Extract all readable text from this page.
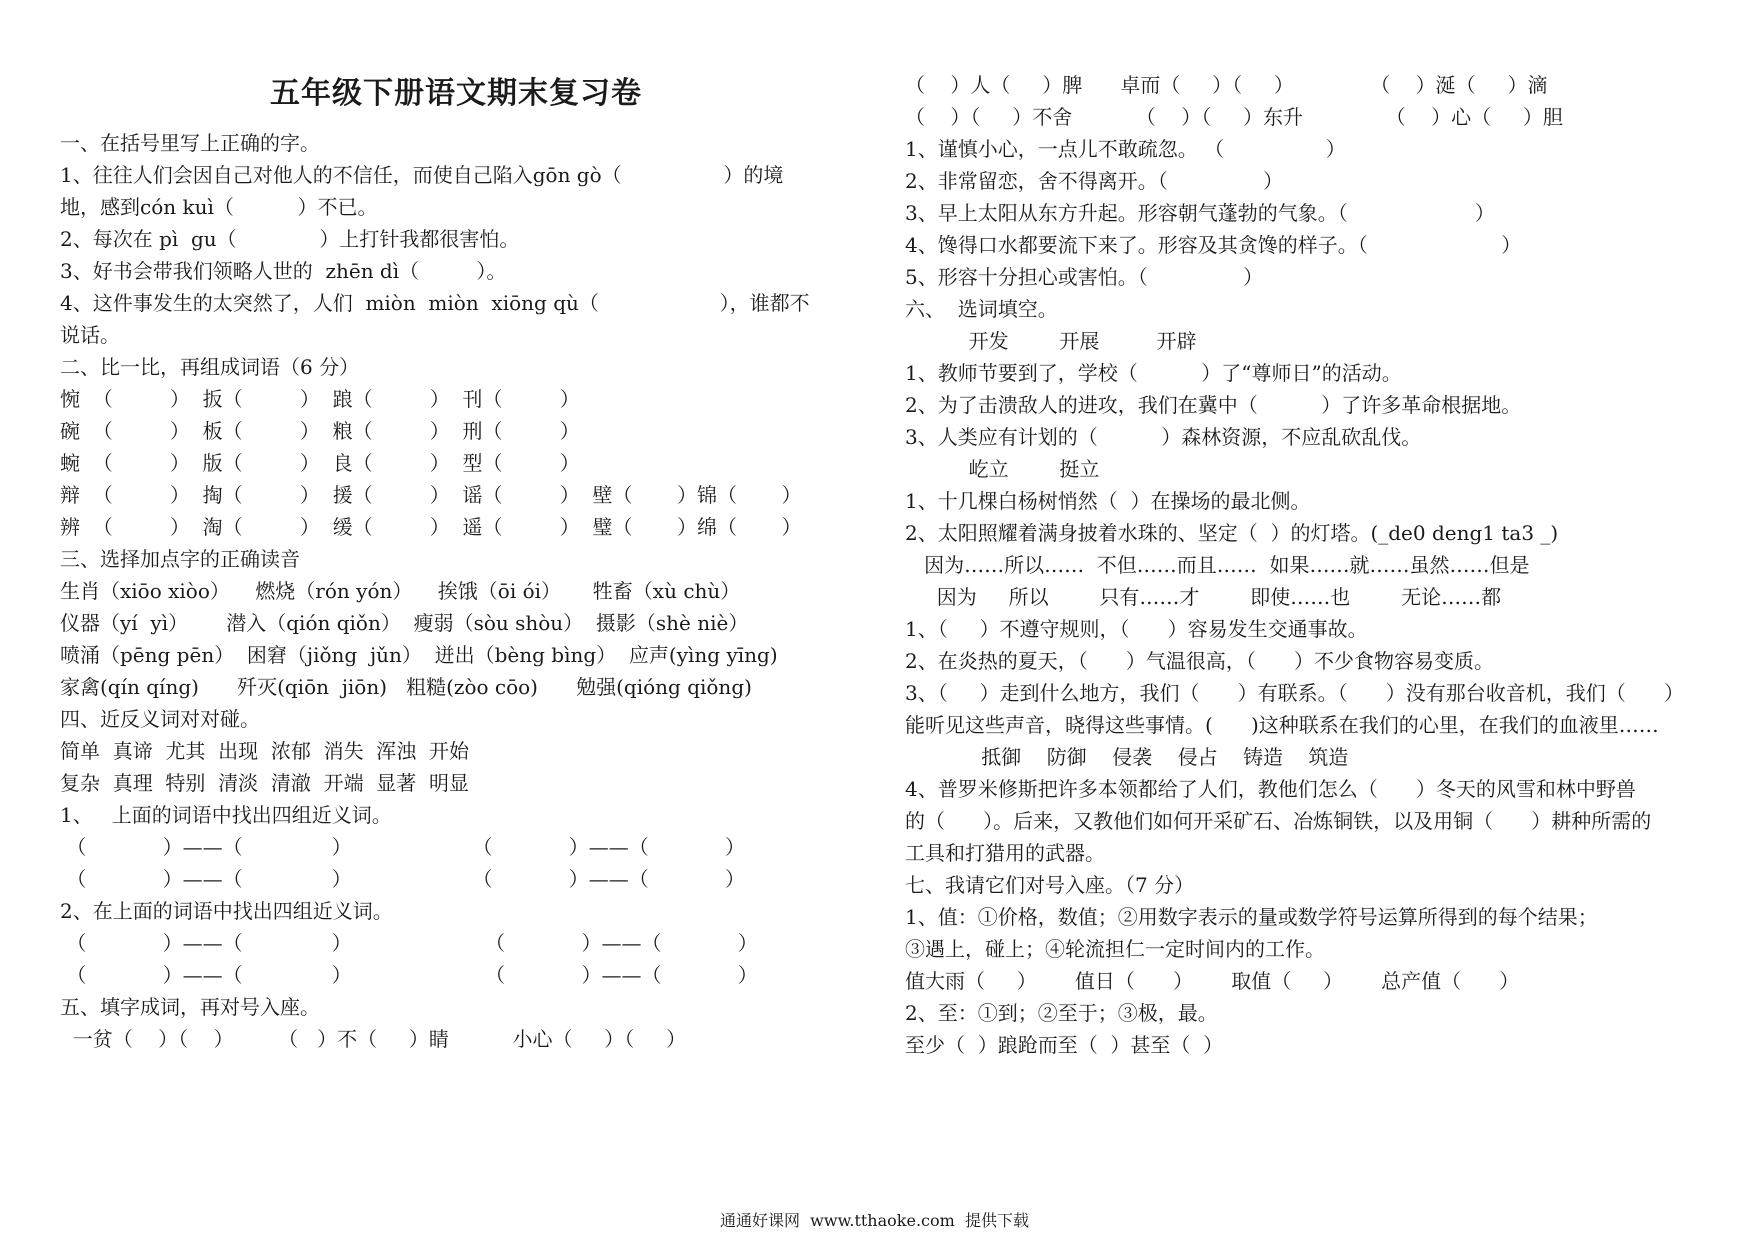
五年级下册语文期末复习卷
一、在括号里写上正确的字。
1、往往人们会因自己对他人的不信任，而使自己陷入gōn gò（                ）的境
地，感到cón kuì（          ）不已。
2、每次在 pì  gu（             ）上打针我都很害怕。
3、好书会带我们领略人世的  zhēn dì（         ）。
4、这件事发生的太突然了，人们  miòn  miòn  xiōng qù（                   ），谁都不
说话。
二、比一比，再组成词语（6 分）
惋  （         ）  扳（         ）  踉（         ）  刊（         ）
碗  （         ）  板（         ）  粮（         ）  刑（         ）
蜿  （         ）  版（         ）  良（         ）  型（         ）
辩  （         ）  掏（         ）  援（         ）  谣（         ）  壁（       ）锦（       ）
辨  （         ）  淘（         ）  缓（         ）  遥（         ）  璧（       ）绵（       ）
三、选择加点字的正确读音
生肖（xiōo xiòo）    燃烧（rón yón）    挨饿（ōi ói）     牲畜（xù chù）
仪器（yí  yì）      潜入（qión qiǒn）  瘦弱（sòu shòu）  摄影（shè niè）
喷涌（pēng pēn）  困窘（jiǒng  jǔn）  迸出（bèng bìng）  应声(yìng yīng)
家禽(qín qíng)      歼灭(qiōn  jiōn)   粗糙(zòo cōo)      勉强(qióng qiǒng)
四、近反义词对对碰。
简单  真谛  尤其  出现  浓郁  消失  浑浊  开始
复杂  真理  特别  清淡  清澈  开端  显著  明显
1、   上面的词语中找出四组近义词。
（            ）——（              ）                   （            ）——（            ）
（            ）——（              ）                   （            ）——（            ）
2、在上面的词语中找出四组近义词。
（            ）——（              ）                     （            ）——（            ）
（            ）——（              ）                     （            ）——（            ）
五、填字成词，再对号入座。
一贫（    ）（    ）       （   ）不（     ）睛          小心（     ）（     ）
（    ）人（     ）脾      卓而（     ）（     ）            （    ）涎（     ）滴
（    ）（     ）不舍          （    ）（     ）东升             （    ）心（     ）胆
1、谨慎小心，一点儿不敢疏忽。 （                ）
2、非常留恋，舍不得离开。（               ）
3、早上太阳从东方升起。形容朝气蓬勃的气象。（                    ）
4、馋得口水都要流下来了。形容及其贪馋的样子。（                     ）
5、形容十分担心或害怕。（               ）
六、  选词填空。
开发        开展         开辟
1、教师节要到了，学校（          ）了“尊师日”的活动。
2、为了击溃敌人的进攻，我们在冀中（          ）了许多革命根据地。
3、人类应有计划的（          ）森林资源，不应乱砍乱伐。
屹立        挺立
1、十几棵白杨树悄然（  ）在操场的最北侧。
2、太阳照耀着满身披着水珠的、坚定（  ）的灯塔。(_de0 deng1 ta3 _)
因为……所以……  不但……而且……  如果……就……虽然……但是
因为     所以        只有……才        即使……也        无论……都
1、（     ）不遵守规则，（      ）容易发生交通事故。
2、在炎热的夏天，（      ）气温很高，（      ）不少食物容易变质。
3、（     ）走到什么地方，我们（      ）有联系。（      ）没有那台收音机，我们（      ）
能听见这些声音，晓得这些事情。(      )这种联系在我们的心里，在我们的血液里……
抵御    防御    侵袭    侵占    铸造    筑造
4、普罗米修斯把许多本领都给了人们，教他们怎么（      ）冬天的风雪和林中野兽
的（      ）。后来，又教他们如何开采矿石、冶炼铜铁，以及用铜（      ）耕种所需的
工具和打猎用的武器。
七、我请它们对号入座。（7 分）
1、值：①价格，数值；②用数字表示的量或数学符号运算所得到的每个结果；
③遇上，碰上；④轮流担仁一定时间内的工作。
值大雨（     ）      值日（      ）      取值（     ）      总产值（      ）
2、至：①到；②至于；③极，最。
至少（  ）踉跄而至（  ）甚至（  ）
通通好课网  www.tthaoke.com  提供下载
